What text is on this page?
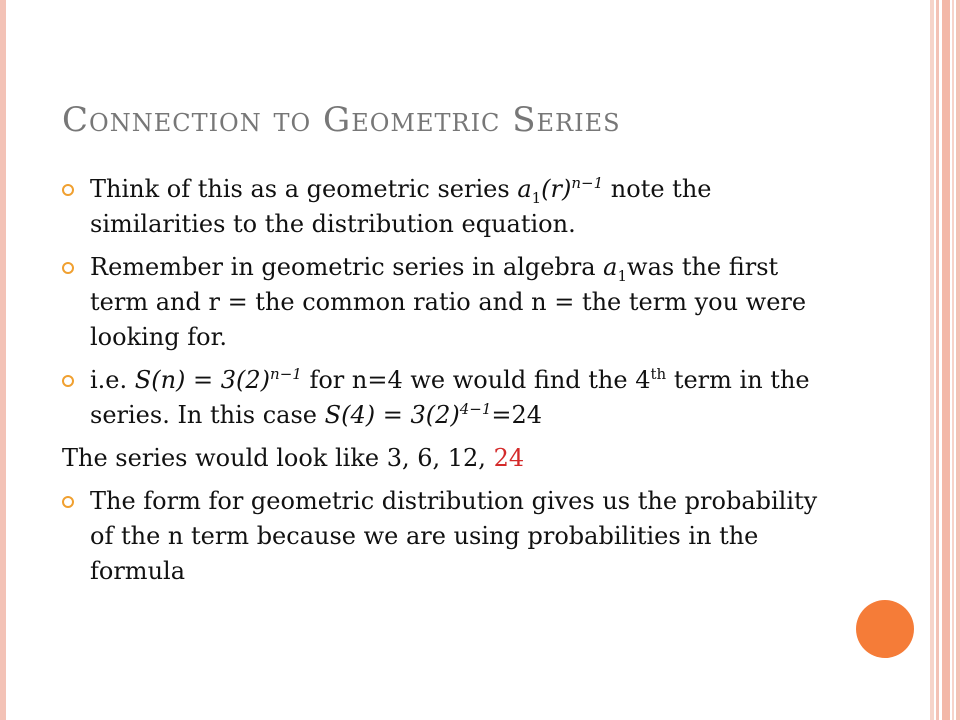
Connection to Geometric Series
Think of this as a geometric series $a_1(r)^{n-1}$ note the similarities to the distribution equation.
Remember in geometric series in algebra $a_1was$ the first term and r = the common ratio and n = the term you were looking for.
i.e. $S(n) = 3(2)^{n-1}$ for n=4 we would find the 4th term in the series. In this case $S(4) = 3(2)^{4-1}=24$
The series would look like 3, 6, 12, 24
The form for geometric distribution gives us the probability of the n term because we are using probabilities in the formula
